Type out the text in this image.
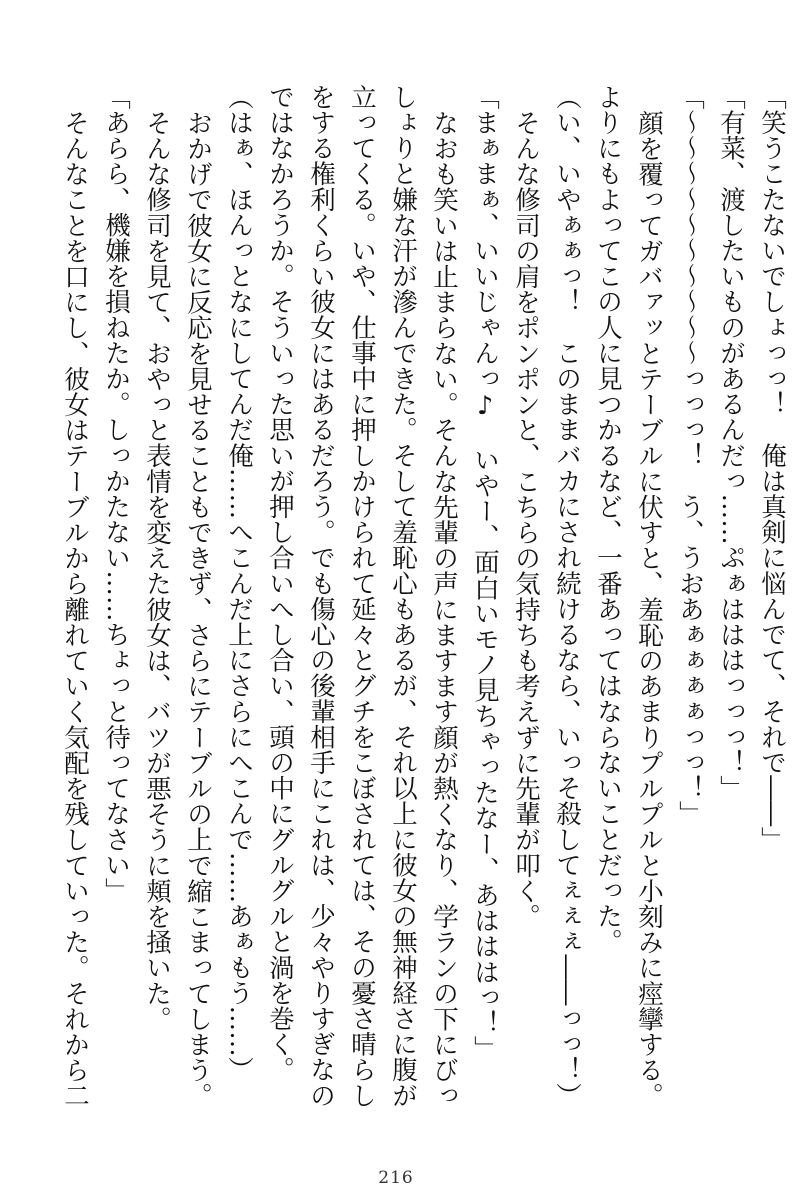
「笑うこたないでしょっっ！　俺は真剣に悩んでて、それで――」
「有菜、渡したいものがあるんだっ……ぷぁはははっっっ！」
「～～～～～～～～～～っっっ！　う、うおあぁぁぁぁっっ！」
顔を覆ってガバァッとテーブルに伏すと、羞恥のあまりプルプルと小刻みに痙攣する。
よりにもよってこの人に見つかるなど、一番あってはならないことだった。
（い、いやぁぁっ！　このままバカにされ続けるなら、いっそ殺してぇぇぇ――っっ！）
そんな修司の肩をポンポンと、こちらの気持ちも考えずに先輩が叩く。
「まぁまぁ、いいじゃんっ♪　いやー、面白いモノ見ちゃったなー、あはははっ！」
なおも笑いは止まらない。そんな先輩の声にますます顔が熱くなり、学ランの下にびっ
しょりと嫌な汗が滲んできた。そして羞恥心もあるが、それ以上に彼女の無神経さに腹が
立ってくる。いや、仕事中に押しかけられて延々とグチをこぼされては、その憂さ晴らし
をする権利くらい彼女にはあるだろう。でも傷心の後輩相手にこれは、少々やりすぎなの
ではなかろうか。そういった思いが押し合いへし合い、頭の中にグルグルと渦を巻く。
（はぁ、ほんっとなにしてんだ俺……へこんだ上にさらにへこんで……あぁもう……）
おかげで彼女に反応を見せることもできず、さらにテーブルの上で縮こまってしまう。
そんな修司を見て、おやっと表情を変えた彼女は、バツが悪そうに頬を掻いた。
「あらら、機嫌を損ねたか。しっかたない……ちょっと待ってなさい」
そんなことを口にし、彼女はテーブルから離れていく気配を残していった。それから二
216
